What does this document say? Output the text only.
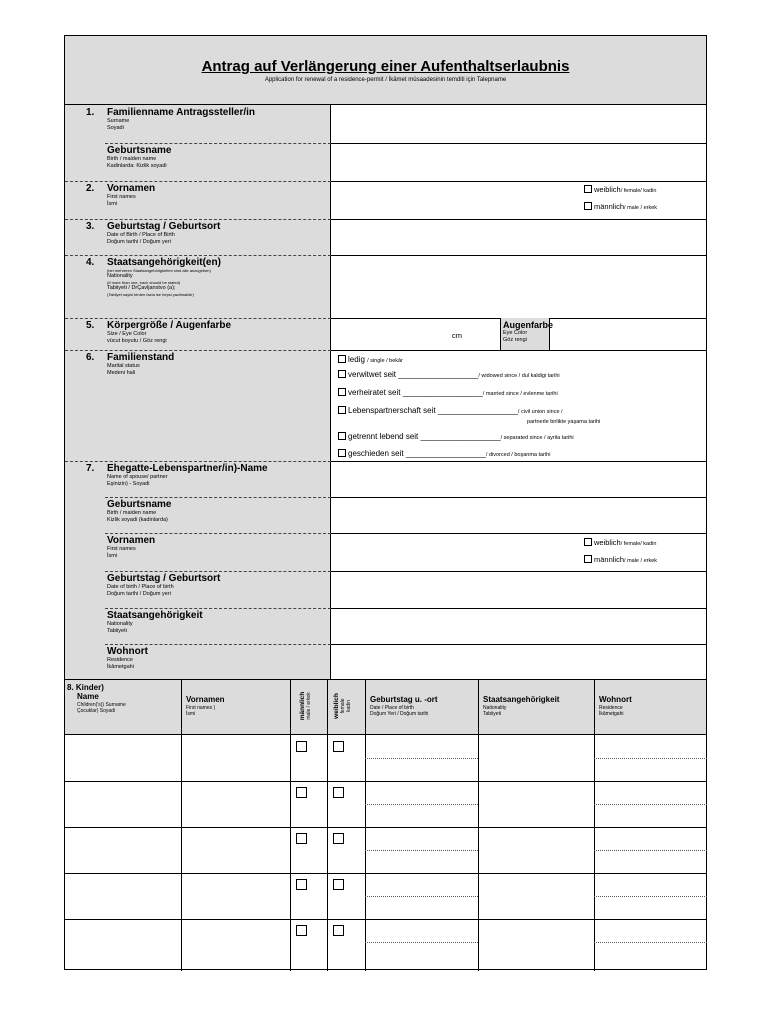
Antrag auf Verlängerung einer Aufenthaltserlaubnis
Application for renewal of a residence-permit / İkâmet müsaadesinin temditi için Talepname
1. Familienname Antragssteller/in
Surname
Soyadi
Geburtsname
Birth / maiden name
Kadinlarda: Kizlik soyadi
2. Vornamen
First names
İsmi
weiblich/ female/ kadin
männlich/ male / erkek
3. Geburtstag / Geburtsort
Date of Birth / Place of Birth
Doğum tarihi / Doğum yeri
4. Staatsangehörigkeit(en)
(bei mehreren Staatsangehörigkeiten sind alle anzugeben)
Nationality
(If more than one, each should be stated)
Tabiiyeti / DrÇavljanstvo (a);
(Tabiiyet sayisi birden fazla ise hepsi yazilmalidir)
5. Körpergröße / Augenfarbe
Size / Eye Color
vücut boyutu / Göz rengi
cm
Augenfarbe
Eye Color
Göz rengi
6. Familienstand
Marital status
Medeni hali
ledig / single / bekâr
verwitwet seit __________________/ widowed since / dul kaldigi tarihi
verheiratet seit __________________/ married since / evlenme tarihi
Lebenspartnerschaft seit __________________/ civil union since /
partnerle birlikte yaşama tarihi
getrennt lebend seit __________________/ separated since / ayrila tarihi
geschieden seit __________________/ divorced / boşanma tarihi
7. Ehegatte-Lebenspartner/in)-Name
Name of spouse/ partner
Eşinizin) - Soyadi
Geburtsname
Birth / maiden name
Kizlik soyadi (kadinlarda)
Vornamen
First names
İsmi
weiblich/ female/ kadin
männlich/ male / erkek
Geburtstag / Geburtsort
Date of birth / Place of birth
Doğum tarihi / Doğum yeri
Staatsangehörigkeit
Nationality
Tabiiyeti
Wohnort
Residence
İkâmetgahi
8. Kinder)
Name
Children('s)) Surname
Çocuklar) Soyadi
Vornamen
First names )
İsmi	männlich
male / erkek	weiblich
female
kadin
Geburtstag u. -ort
Date / Place of birth
Doğum Yeri / Doğum tarihi
Staatsangehörigkeit
Nationality
Tabiiyeti
Wohnort
Residence
İkâmetgahi
